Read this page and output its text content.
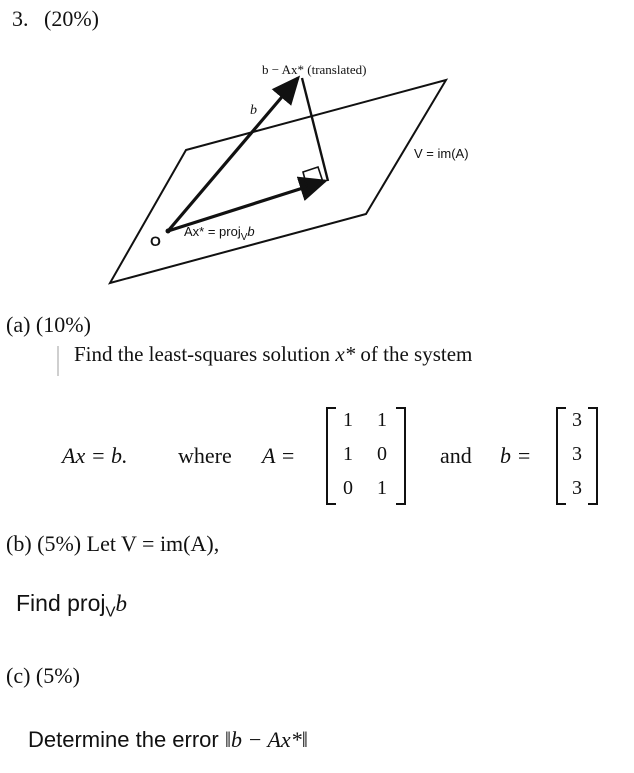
3. (20%)
b − Ax* (translated)
b
V = im(A)
Ax* = proj$_V$b
O
(a) (10%)
Find the least-squares solution x* of the system
Ax = b. where A =
1 1
1 0
0 1
and b =
3
3
3
(b) (5%) Let V = im(A),
Find proj$_V$b
(c) (5%)
Determine the error ‖b − Ax*‖
